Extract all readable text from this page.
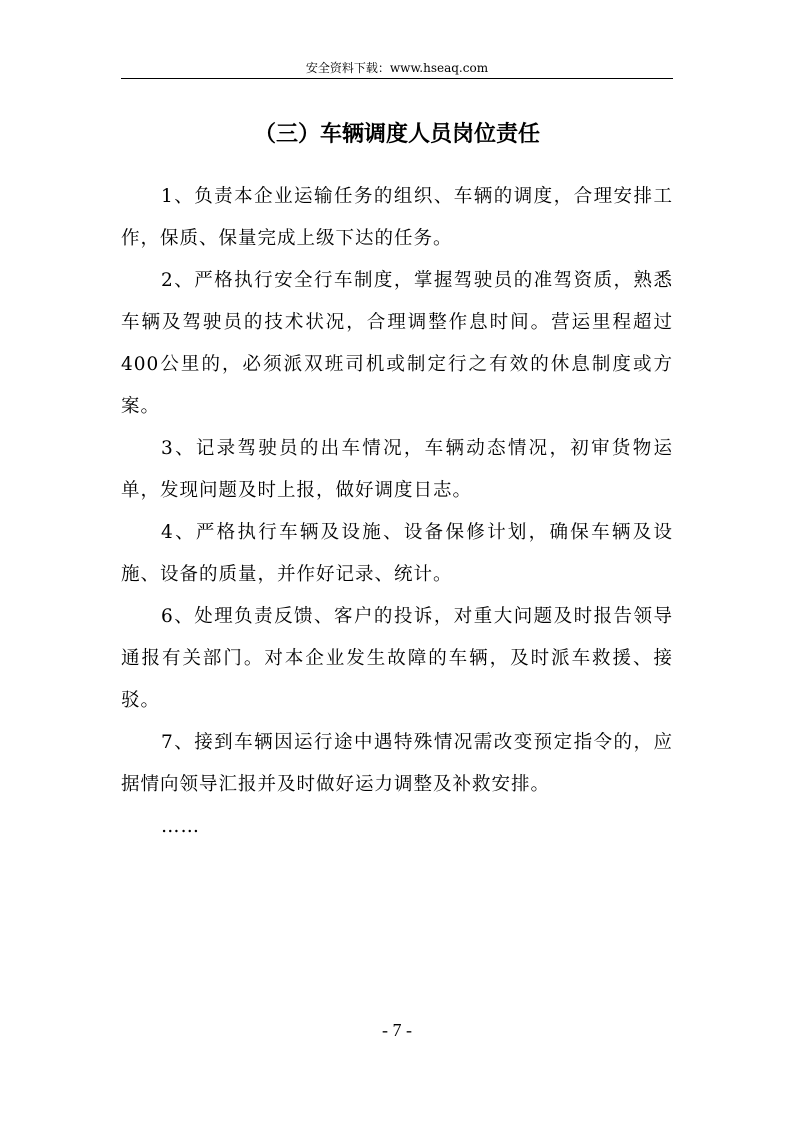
安全资料下载：www.hseaq.com
（三）车辆调度人员岗位责任

1、负责本企业运输任务的组织、车辆的调度，合理安排工作，保质、保量完成上级下达的任务。

2、严格执行安全行车制度，掌握驾驶员的准驾资质，熟悉车辆及驾驶员的技术状况，合理调整作息时间。营运里程超过 400公里的，必须派双班司机或制定行之有效的休息制度或方案。

3、记录驾驶员的出车情况，车辆动态情况，初审货物运单，发现问题及时上报，做好调度日志。

4、严格执行车辆及设施、设备保修计划，确保车辆及设施、设备的质量，并作好记录、统计。

6、处理负责反馈、客户的投诉，对重大问题及时报告领导通报有关部门。对本企业发生故障的车辆，及时派车救援、接驳。

7、接到车辆因运行途中遇特殊情况需改变预定指令的，应据情向领导汇报并及时做好运力调整及补救安排。

……

- 7 -
